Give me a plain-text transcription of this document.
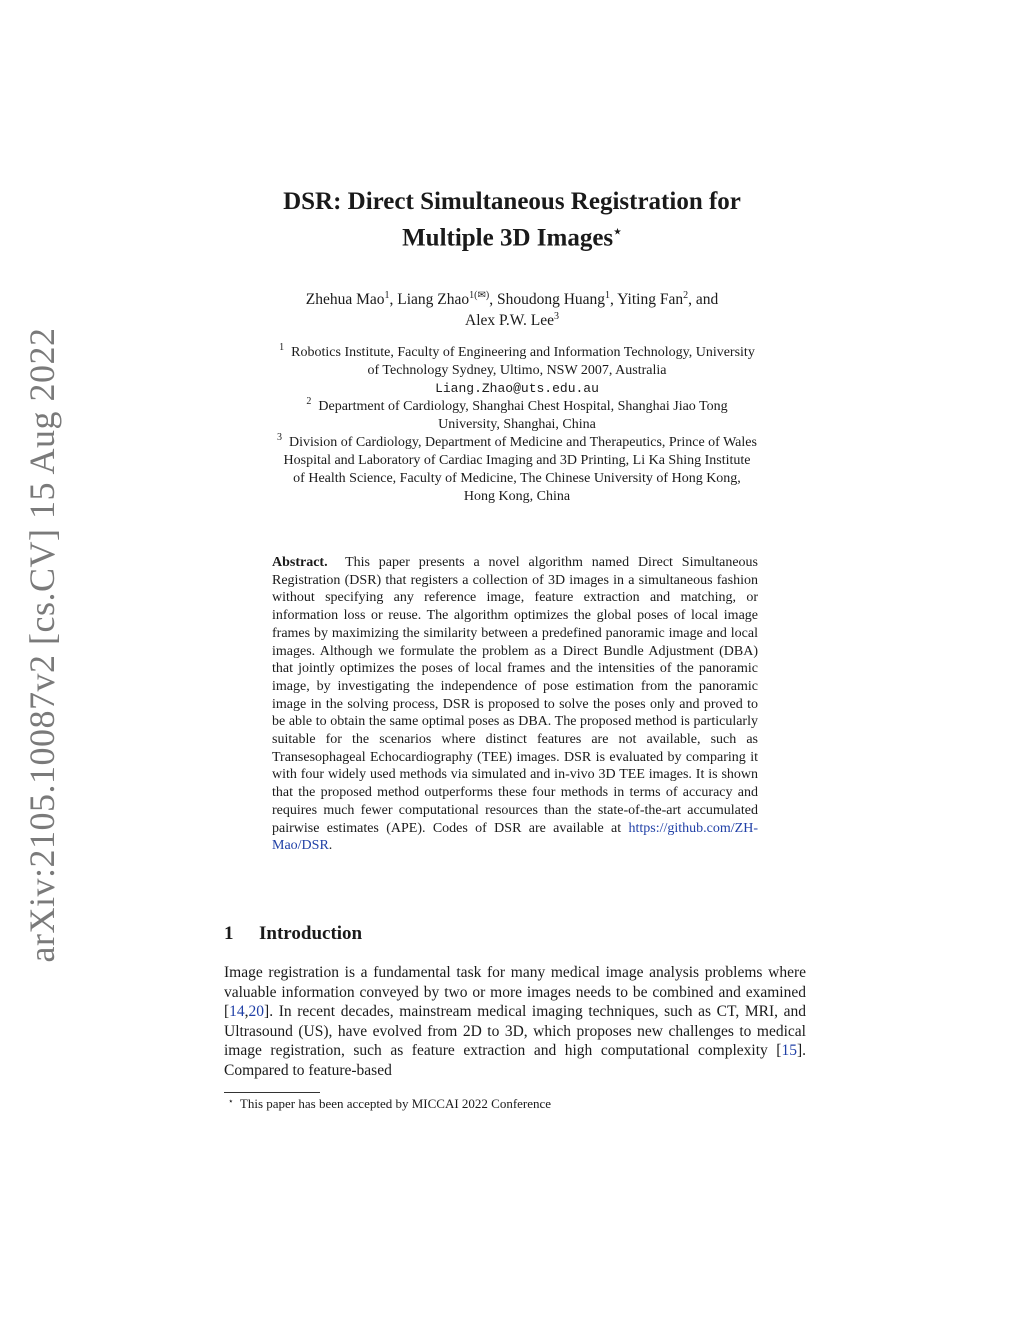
arXiv:2105.10087v2 [cs.CV] 15 Aug 2022
DSR: Direct Simultaneous Registration for
Multiple 3D Images⋆
Zhehua Mao$^1$, Liang Zhao$^{1(✉)}$, Shoudong Huang$^1$, Yiting Fan$^2$, and
Alex P.W. Lee$^3$
$^1$ Robotics Institute, Faculty of Engineering and Information Technology, University
of Technology Sydney, Ultimo, NSW 2007, Australia
Liang.Zhao@uts.edu.au
$^2$ Department of Cardiology, Shanghai Chest Hospital, Shanghai Jiao Tong
University, Shanghai, China
$^3$ Division of Cardiology, Department of Medicine and Therapeutics, Prince of Wales
Hospital and Laboratory of Cardiac Imaging and 3D Printing, Li Ka Shing Institute
of Health Science, Faculty of Medicine, The Chinese University of Hong Kong,
Hong Kong, China
Abstract. This paper presents a novel algorithm named Direct Simultaneous Registration (DSR) that registers a collection of 3D images in a simultaneous fashion without specifying any reference image, feature extraction and matching, or information loss or reuse. The algorithm optimizes the global poses of local image frames by maximizing the similarity between a predefined panoramic image and local images. Although we formulate the problem as a Direct Bundle Adjustment (DBA) that jointly optimizes the poses of local frames and the intensities of the panoramic image, by investigating the independence of pose estimation from the panoramic image in the solving process, DSR is proposed to solve the poses only and proved to be able to obtain the same optimal poses as DBA. The proposed method is particularly suitable for the scenarios where distinct features are not available, such as Transesophageal Echocardiography (TEE) images. DSR is evaluated by comparing it with four widely used methods via simulated and in-vivo 3D TEE images. It is shown that the proposed method outperforms these four methods in terms of accuracy and requires much fewer computational resources than the state-of-the-art accumulated pairwise estimates (APE). Codes of DSR are available at https://github.com/ZH-Mao/DSR.
1 Introduction
Image registration is a fundamental task for many medical image analysis problems where valuable information conveyed by two or more images needs to be combined and examined [14,20]. In recent decades, mainstream medical imaging techniques, such as CT, MRI, and Ultrasound (US), have evolved from 2D to 3D, which proposes new challenges to medical image registration, such as feature extraction and high computational complexity [15]. Compared to feature-based
⋆ This paper has been accepted by MICCAI 2022 Conference
